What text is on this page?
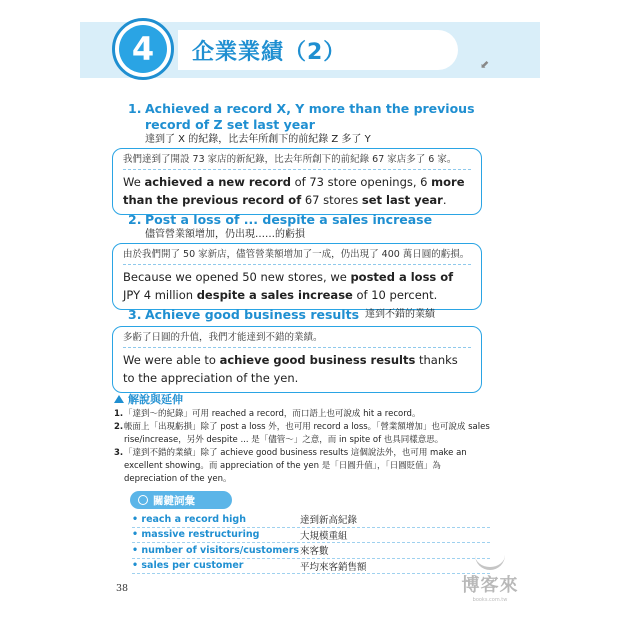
4	企業業績（2）	⬋
1. Achieved a record X, Y more than the previous record of Z set last year
達到了 X 的紀錄，比去年所創下的前紀錄 Z 多了 Y
我們達到了開設 73 家店的新紀錄，比去年所創下的前紀錄 67 家店多了 6 家。
We achieved a new record of 73 store openings, 6 more than the previous record of 67 stores set last year.
2. Post a loss of ... despite a sales increase
儘管營業額增加，仍出現……的虧損
由於我們開了 50 家新店，儘管營業額增加了一成，仍出現了 400 萬日圓的虧損。
Because we opened 50 new stores, we posted a loss of JPY 4 million despite a sales increase of 10 percent.
3. Achieve good business results 達到不錯的業績
多虧了日圓的升值，我們才能達到不錯的業績。
We were able to achieve good business results thanks to the appreciation of the yen.
解說與延伸
1. 「達到～的紀錄」可用 reached a record，而口語上也可說成 hit a record。
2. 帳面上「出現虧損」除了 post a loss 外，也可用 record a loss。「營業額增加」也可說成 sales rise/increase，另外 despite ... 是「儘管～」之意，而 in spite of 也具同樣意思。
3. 「達到不錯的業績」除了 achieve good business results 這個說法外，也可用 make an excellent showing。而 appreciation of the yen 是「日圓升值」，「日圓貶值」為 depreciation of the yen。
關鍵詞彙
• reach a record high	達到新高紀錄
• massive restructuring	大規模重組
• number of visitors/customers 來客數
• sales per customer	平均來客銷售額
38	博客來
books.com.tw
